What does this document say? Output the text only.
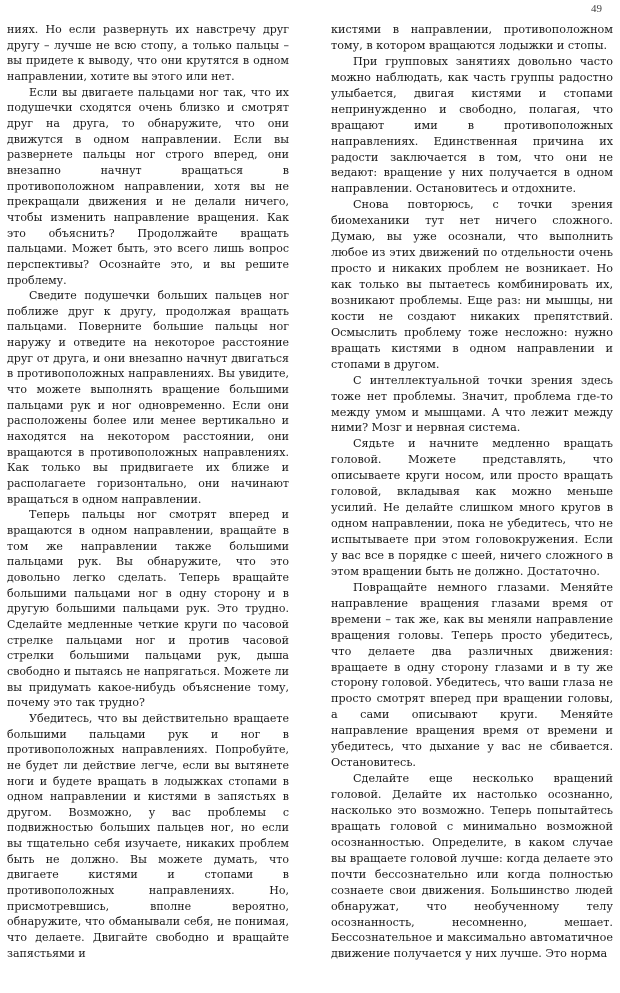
49

ниях. Но если развернуть их навстречу друг другу – лучше не всю стопу, а только пальцы – вы придете к выводу, что они крутятся в одном направлении, хотите вы этого или нет.

Если вы двигаете пальцами ног так, что их подушечки сходятся очень близко и смотрят друг на друга, то обнаружите, что они движутся в одном направлении. Если вы развернете пальцы ног строго вперед, они внезапно начнут вращаться в противоположном направлении, хотя вы не прекращали движения и не делали ничего, чтобы изменить направление вращения. Как это объяснить? Продолжайте вращать пальцами. Может быть, это всего лишь вопрос перспективы? Осознайте это, и вы решите проблему.

Сведите подушечки больших пальцев ног поближе друг к другу, продолжая вращать пальцами. Поверните большие пальцы ног наружу и отведите на некоторое расстояние друг от друга, и они внезапно начнут двигаться в противоположных направлениях. Вы увидите, что можете выполнять вращение большими пальцами рук и ног одновременно. Если они расположены более или менее вертикально и находятся на некотором расстоянии, они вращаются в противоположных направлениях. Как только вы придвигаете их ближе и располагаете горизонтально, они начинают вращаться в одном направлении.

Теперь пальцы ног смотрят вперед и вращаются в одном направлении, вращайте в том же направлении также большими пальцами рук. Вы обнаружите, что это довольно легко сделать. Теперь вращайте большими пальцами ног в одну сторону и в другую большими пальцами рук. Это трудно. Сделайте медленные четкие круги по часовой стрелке пальцами ног и против часовой стрелки большими пальцами рук, дыша свободно и пытаясь не напрягаться. Можете ли вы придумать какое-нибудь объяснение тому, почему это так трудно?

Убедитесь, что вы действительно вращаете большими пальцами рук и ног в противоположных направлениях. Попробуйте, не будет ли действие легче, если вы вытянете ноги и будете вращать в лодыжках стопами в одном направлении и кистями в запястьях в другом. Возможно, у вас проблемы с подвижностью больших пальцев ног, но если вы тщательно себя изучаете, никаких проблем быть не должно. Вы можете думать, что двигаете кистями и стопами в противоположных направлениях. Но, присмотревшись, вполне вероятно, обнаружите, что обманывали себя, не понимая, что делаете. Двигайте свободно и вращайте запястьями и

кистями в направлении, противоположном тому, в котором вращаются лодыжки и стопы.

При групповых занятиях довольно часто можно наблюдать, как часть группы радостно улыбается, двигая кистями и стопами непринужденно и свободно, полагая, что вращают ими в противоположных направлениях. Единственная причина их радости заключается в том, что они не ведают: вращение у них получается в одном направлении. Остановитесь и отдохните.

Снова повторюсь, с точки зрения биомеханики тут нет ничего сложного. Думаю, вы уже осознали, что выполнить любое из этих движений по отдельности очень просто и никаких проблем не возникает. Но как только вы пытаетесь комбинировать их, возникают проблемы. Еще раз: ни мышцы, ни кости не создают никаких препятствий. Осмыслить проблему тоже несложно: нужно вращать кистями в одном направлении и стопами в другом.

С интеллектуальной точки зрения здесь тоже нет проблемы. Значит, проблема где-то между умом и мышцами. А что лежит между ними? Мозг и нервная система.

Сядьте и начните медленно вращать головой. Можете представлять, что описываете круги носом, или просто вращать головой, вкладывая как можно меньше усилий. Не делайте слишком много кругов в одном направлении, пока не убедитесь, что не испытываете при этом головокружения. Если у вас все в порядке с шеей, ничего сложного в этом вращении быть не должно. Достаточно.

Повращайте немного глазами. Меняйте направление вращения глазами время от времени – так же, как вы меняли направление вращения головы. Теперь просто убедитесь, что делаете два различных движения: вращаете в одну сторону глазами и в ту же сторону головой. Убедитесь, что ваши глаза не просто смотрят вперед при вращении головы, а сами описывают круги. Меняйте направление вращения время от времени и убедитесь, что дыхание у вас не сбивается. Остановитесь.

Сделайте еще несколько вращений головой. Делайте их настолько осознанно, насколько это возможно. Теперь попытайтесь вращать головой с минимально возможной осознанностью. Определите, в каком случае вы вращаете головой лучше: когда делаете это почти бессознательно или когда полностью сознаете свои движения. Большинство людей обнаружат, что необученному телу осознанность, несомненно, мешает. Бессознательное и максимально автоматичное движение получается у них лучше. Это норма
